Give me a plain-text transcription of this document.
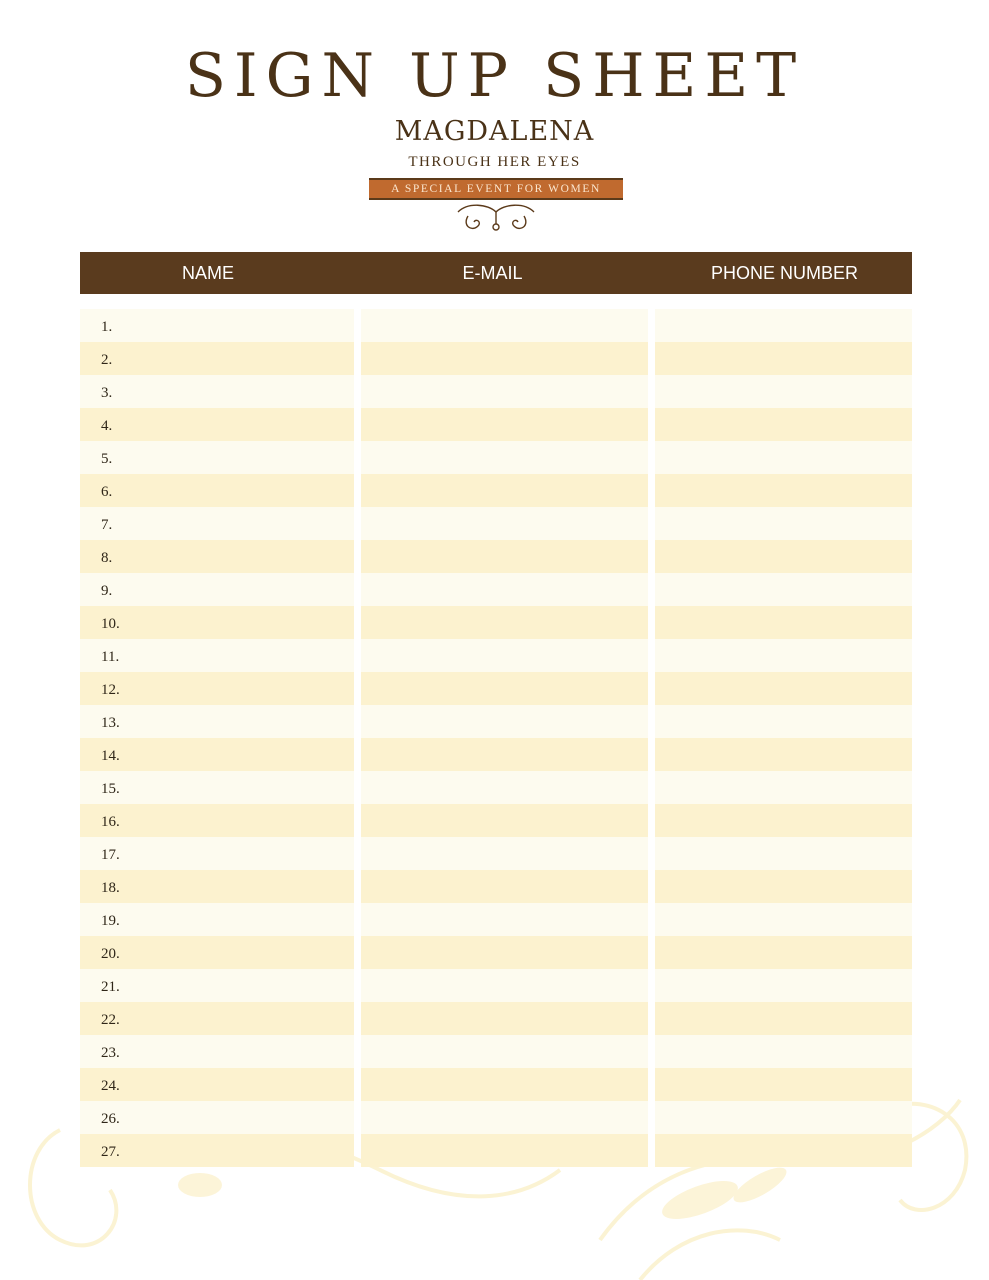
SIGN UP SHEET
MAGDALENA
THROUGH HER EYES
A SPECIAL EVENT FOR WOMEN
NAME	E-MAIL	PHONE NUMBER
1.
2.
3.
4.
5.
6.
7.
8.
9.
10.
11.
12.
13.
14.
15.
16.
17.
18.
19.
20.
21.
22.
23.
24.
26.
27.
